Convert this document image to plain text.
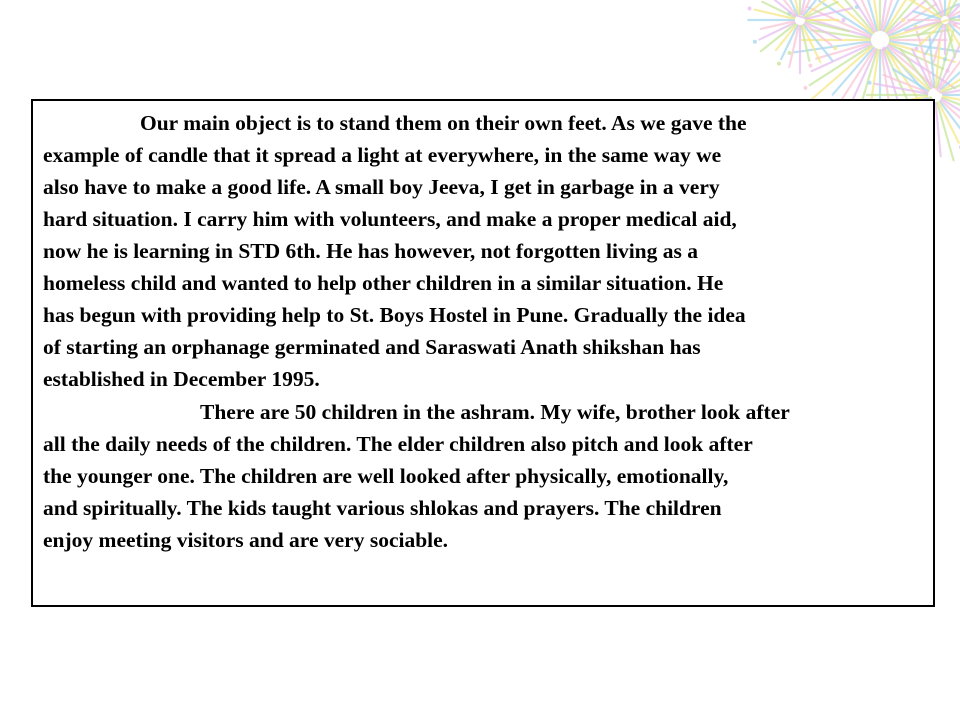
Our main object is to stand them on their own feet. As we gave the
example of candle that it spread a light at everywhere, in the same way we
also have to make a good life. A small boy Jeeva, I get in garbage in a very
hard situation. I carry him with volunteers, and make a proper medical aid,
now he is learning in STD 6th. He has however, not forgotten living as a
homeless child and wanted to help other children in a similar situation. He
has begun with providing help to St. Boys Hostel in Pune. Gradually the idea
of starting an orphanage germinated and Saraswati Anath shikshan has
established in December 1995.
There are 50 children in the ashram. My wife, brother look after
all the daily needs of the children. The elder children also pitch and look after
the younger one. The children are well looked after physically, emotionally,
and spiritually. The kids taught various shlokas and prayers. The children
enjoy meeting visitors and are very sociable.
